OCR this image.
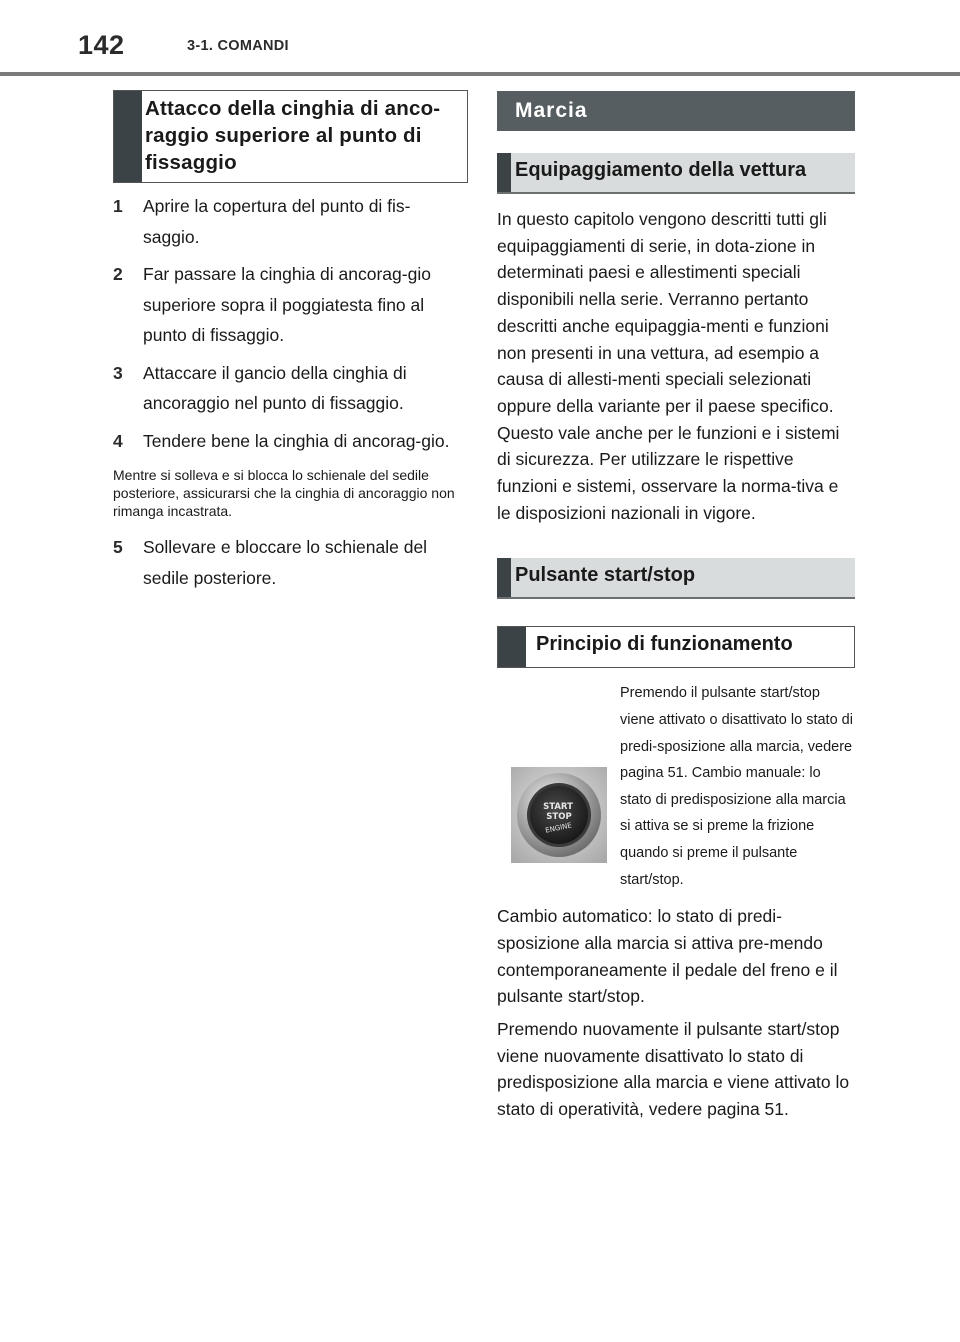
142	3-1. COMANDI
Attacco della cinghia di anco-raggio superiore al punto di fissaggio
1	Aprire la copertura del punto di fis-saggio.
2	Far passare la cinghia di ancorag-gio superiore sopra il poggiatesta fino al punto di fissaggio.
3	Attaccare il gancio della cinghia di ancoraggio nel punto di fissaggio.
4	Tendere bene la cinghia di ancorag-gio.
Mentre si solleva e si blocca lo schienale del sedile posteriore, assicurarsi che la cinghia di ancoraggio non rimanga incastrata.
5	Sollevare e bloccare lo schienale del sedile posteriore.
Marcia
Equipaggiamento della vettura
In questo capitolo vengono descritti tutti gli equipaggiamenti di serie, in dota-zione in determinati paesi e allestimenti speciali disponibili nella serie. Verranno pertanto descritti anche equipaggia-menti e funzioni non presenti in una vettura, ad esempio a causa di allesti-menti speciali selezionati oppure della variante per il paese specifico. Questo vale anche per le funzioni e i sistemi di sicurezza. Per utilizzare le rispettive funzioni e sistemi, osservare la norma-tiva e le disposizioni nazionali in vigore.
Pulsante start/stop
Principio di funzionamento
START
STOP
ENGINE
Premendo il pulsante start/stop viene attivato o disattivato lo stato di predi-sposizione alla marcia, vedere pagina 51. Cambio manuale: lo stato di predisposizione alla marcia si attiva se si preme la frizione quando si preme il pulsante start/stop.
Cambio automatico: lo stato di predi-sposizione alla marcia si attiva pre-mendo contemporaneamente il pedale del freno e il pulsante start/stop.
Premendo nuovamente il pulsante start/stop viene nuovamente disattivato lo stato di predisposizione alla marcia e viene attivato lo stato di operatività, vedere pagina 51.
